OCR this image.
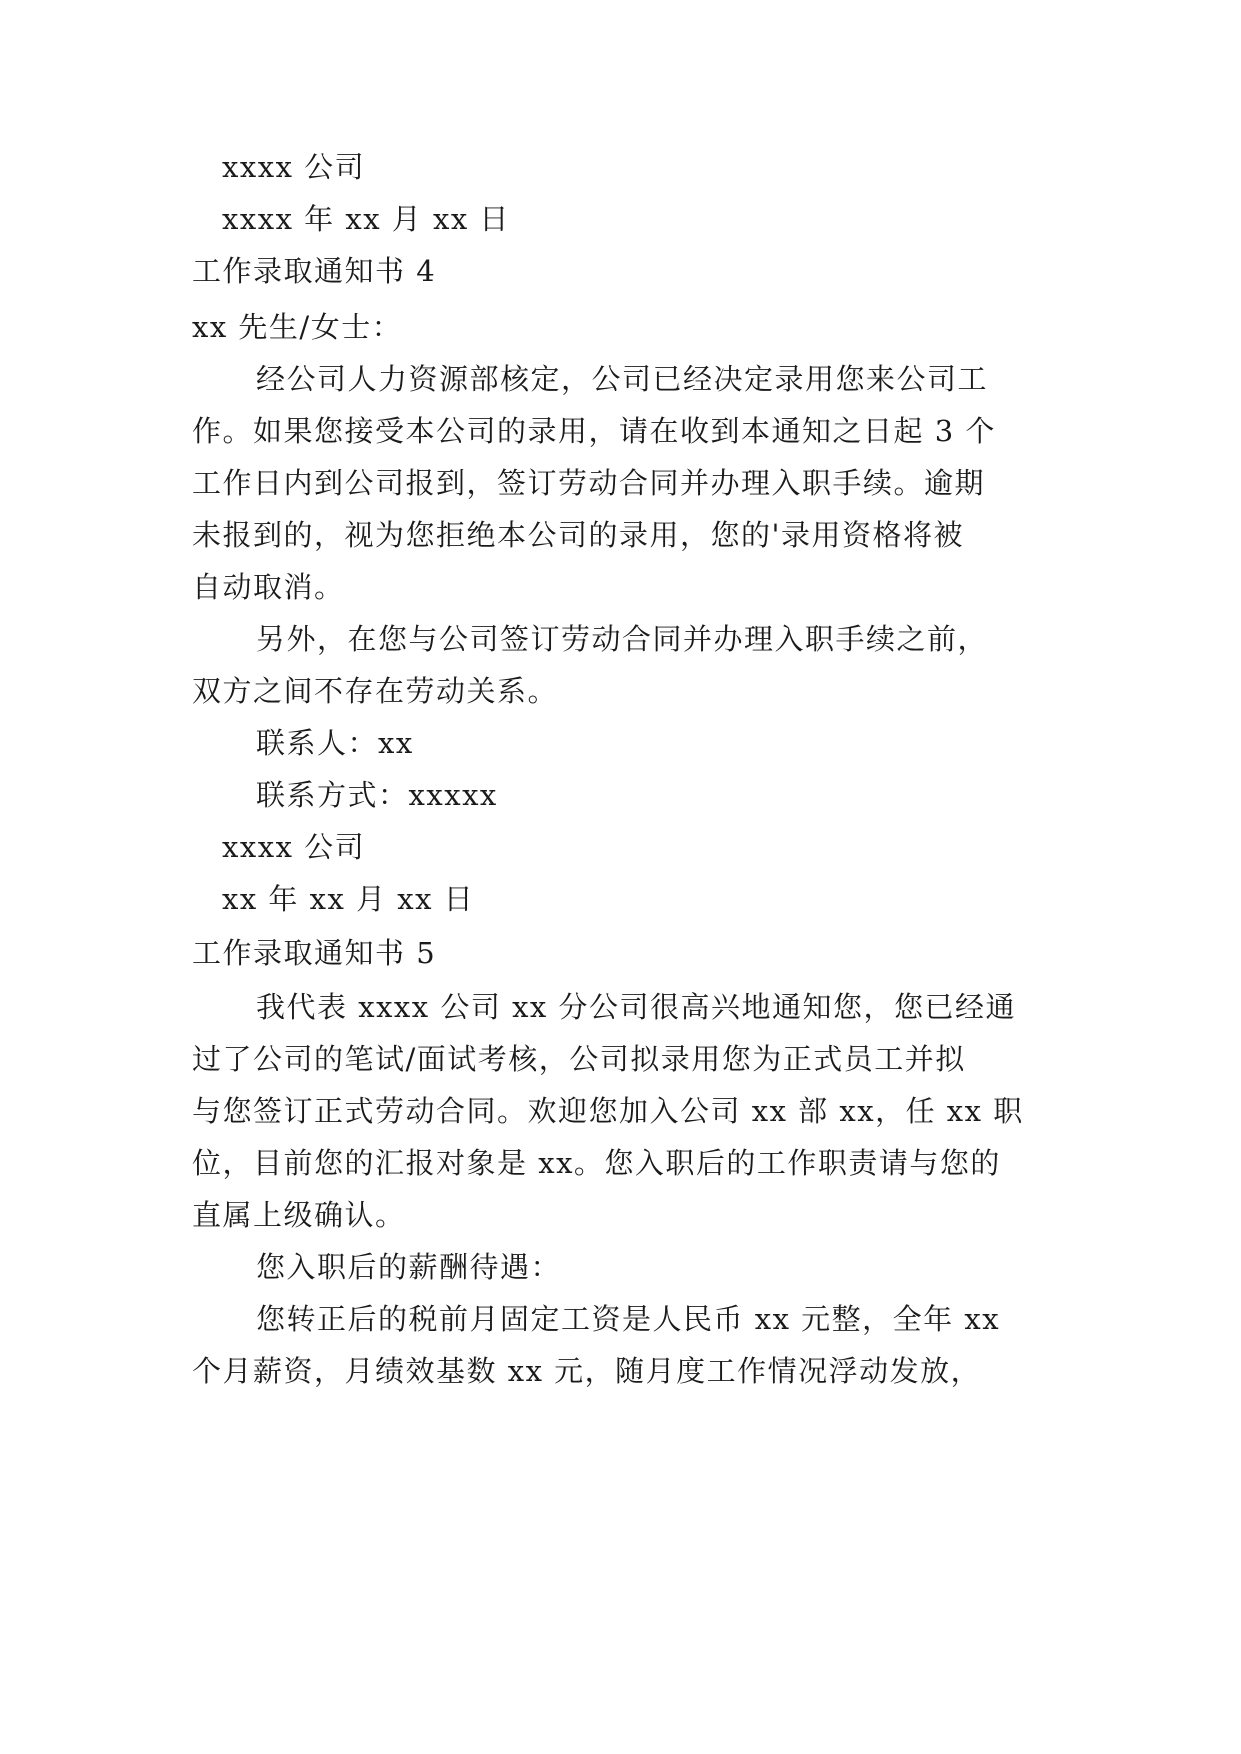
xxxx 公司
xxxx 年 xx 月 xx 日
工作录取通知书 4
xx 先生/女士：
经公司人力资源部核定，公司已经决定录用您来公司工
作。如果您接受本公司的录用，请在收到本通知之日起 3 个
工作日内到公司报到，签订劳动合同并办理入职手续。逾期
未报到的，视为您拒绝本公司的录用，您的'录用资格将被
自动取消。
另外，在您与公司签订劳动合同并办理入职手续之前，
双方之间不存在劳动关系。
联系人：xx
联系方式：xxxxx
xxxx 公司
xx 年 xx 月 xx 日
工作录取通知书 5
我代表 xxxx 公司 xx 分公司很高兴地通知您，您已经通
过了公司的笔试/面试考核，公司拟录用您为正式员工并拟
与您签订正式劳动合同。欢迎您加入公司 xx 部 xx，任 xx 职
位，目前您的汇报对象是 xx。您入职后的工作职责请与您的
直属上级确认。
您入职后的薪酬待遇：
您转正后的税前月固定工资是人民币 xx 元整，全年 xx
个月薪资，月绩效基数 xx 元，随月度工作情况浮动发放，
